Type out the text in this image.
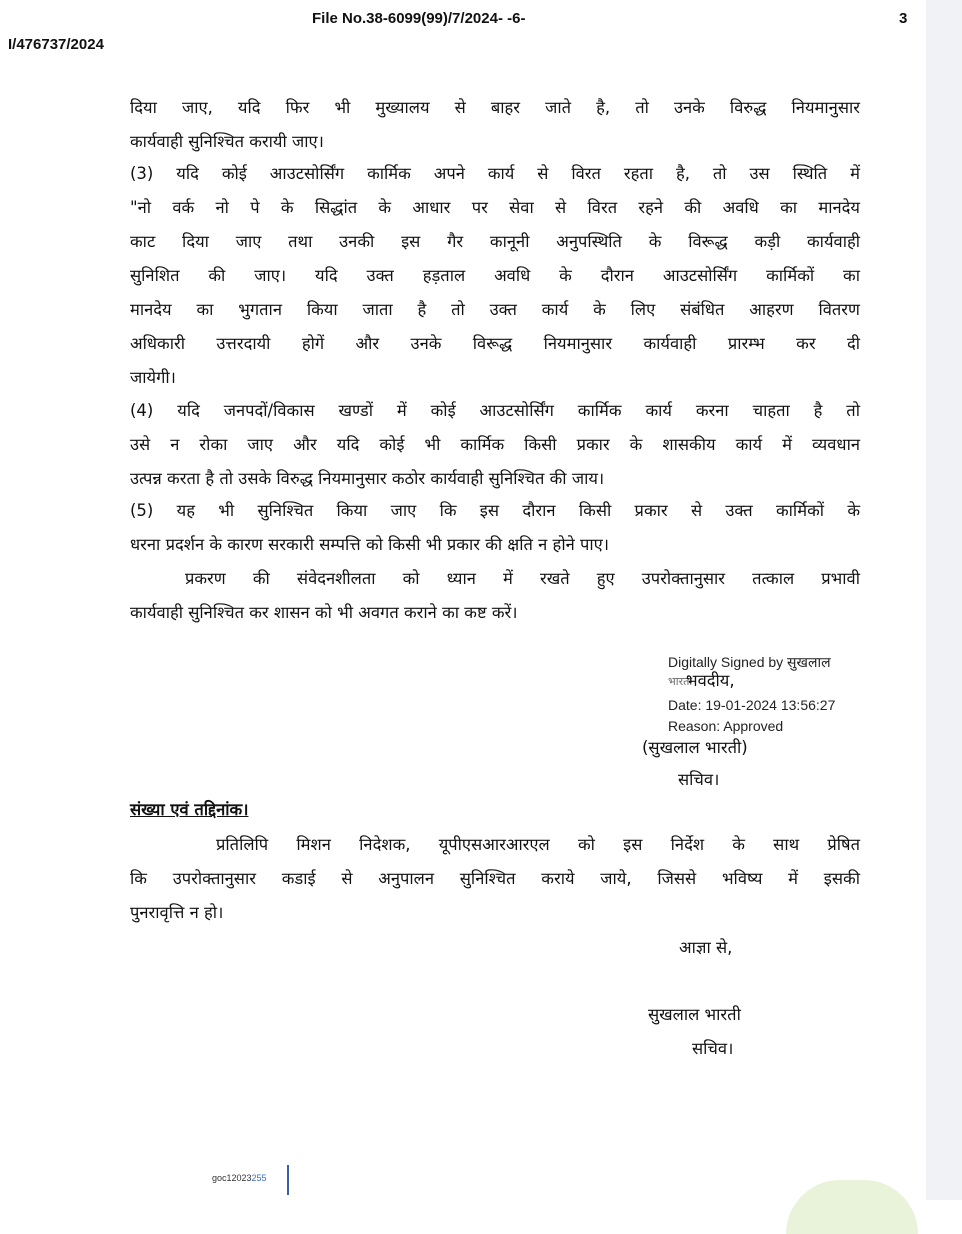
File No.38-6099(99)/7/2024- -6-	3
I/476737/2024
दिया जाए, यदि फिर भी मुख्यालय से बाहर जाते है, तो उनके विरुद्ध नियमानुसार
कार्यवाही सुनिश्चित करायी जाए।
(3) यदि कोई आउटसोर्सिंग कार्मिक अपने कार्य से विरत रहता है, तो उस स्थिति में
"नो वर्क नो पे के सिद्धांत के आधार पर सेवा से विरत रहने की अवधि का मानदेय
काट दिया जाए तथा उनकी इस गैर कानूनी अनुपस्थिति के विरूद्ध कड़ी कार्यवाही
सुनिशित की जाए। यदि उक्त हड़ताल अवधि के दौरान आउटसोर्सिंग कार्मिकों का
मानदेय का भुगतान किया जाता है तो उक्त कार्य के लिए संबंधित आहरण वितरण
अधिकारी उत्तरदायी होगें और उनके विरूद्ध नियमानुसार कार्यवाही प्रारम्भ कर दी
जायेगी।
(4) यदि जनपदों/विकास खण्डों में कोई आउटसोर्सिंग कार्मिक कार्य करना चाहता है तो
उसे न रोका जाए और यदि कोई भी कार्मिक किसी प्रकार के शासकीय कार्य में व्यवधान
उत्पन्न करता है तो उसके विरुद्ध नियमानुसार कठोर कार्यवाही सुनिश्चित की जाय।
(5) यह भी सुनिश्चित किया जाए कि इस दौरान किसी प्रकार से उक्त कार्मिकों के
धरना प्रदर्शन के कारण सरकारी सम्पत्ति को किसी भी प्रकार की क्षति न होने पाए।
प्रकरण की संवेदनशीलता को ध्यान में रखते हुए उपरोक्तानुसार तत्काल प्रभावी
कार्यवाही सुनिश्चित कर शासन को भी अवगत कराने का कष्ट करें।
Digitally Signed by सुखलाल
भारती
भवदीय,
Date: 19-01-2024 13:56:27
Reason: Approved
(सुखलाल भारती)
सचिव।
संख्या एवं तद्दिनांक।
प्रतिलिपि मिशन निदेशक, यूपीएसआरआरएल को इस निर्देश के साथ प्रेषित
कि उपरोक्तानुसार कडाई से अनुपालन सुनिश्चित कराये जाये, जिससे भविष्य में इसकी
पुनरावृत्ति न हो।
आज्ञा से,
सुखलाल भारती
सचिव।
goc12023255
